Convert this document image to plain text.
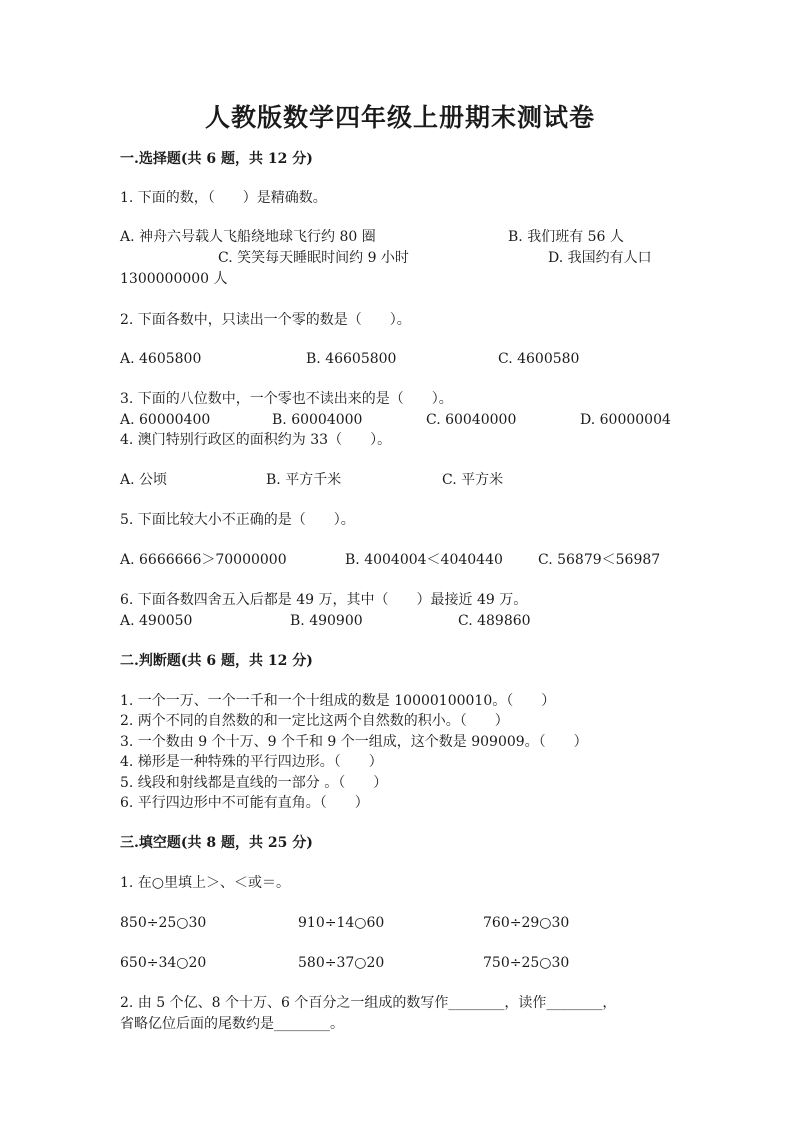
人教版数学四年级上册期末测试卷
一.选择题(共 6 题，共 12 分)
1. 下面的数，（　　）是精确数。
A. 神舟六号载人飞船绕地球飞行约 80 圈	B. 我们班有 56 人
C. 笑笑每天睡眠时间约 9 小时	D. 我国约有人口
1300000000 人
2. 下面各数中，只读出一个零的数是（　　）。
A. 4605800	B. 46605800	C. 4600580
3. 下面的八位数中，一个零也不读出来的是（　　）。
A. 60000400	B. 60004000	C. 60040000	D. 60000004
4. 澳门特别行政区的面积约为 33（　　）。
A. 公顷	B. 平方千米	C. 平方米
5. 下面比较大小不正确的是（　　）。
A. 6666666＞70000000	B. 4004004＜4040440	C. 56879＜56987
6. 下面各数四舍五入后都是 49 万，其中（　　）最接近 49 万。
A. 490050	B. 490900	C. 489860
二.判断题(共 6 题，共 12 分)
1. 一个一万、一个一千和一个十组成的数是 10000100010。（　　）
2. 两个不同的自然数的和一定比这两个自然数的积小。（　　）
3. 一个数由 9 个十万、9 个千和 9 个一组成，这个数是 909009。（　　）
4. 梯形是一种特殊的平行四边形。（　　）
5. 线段和射线都是直线的一部分 。（　　）
6. 平行四边形中不可能有直角。（　　）
三.填空题(共 8 题，共 25 分)
1. 在○里填上＞、＜或＝。
850÷25○30	910÷14○60	760÷29○30
650÷34○20	580÷37○20	750÷25○30
2. 由 5 个亿、8 个十万、6 个百分之一组成的数写作________，读作________，
省略亿位后面的尾数约是________。
